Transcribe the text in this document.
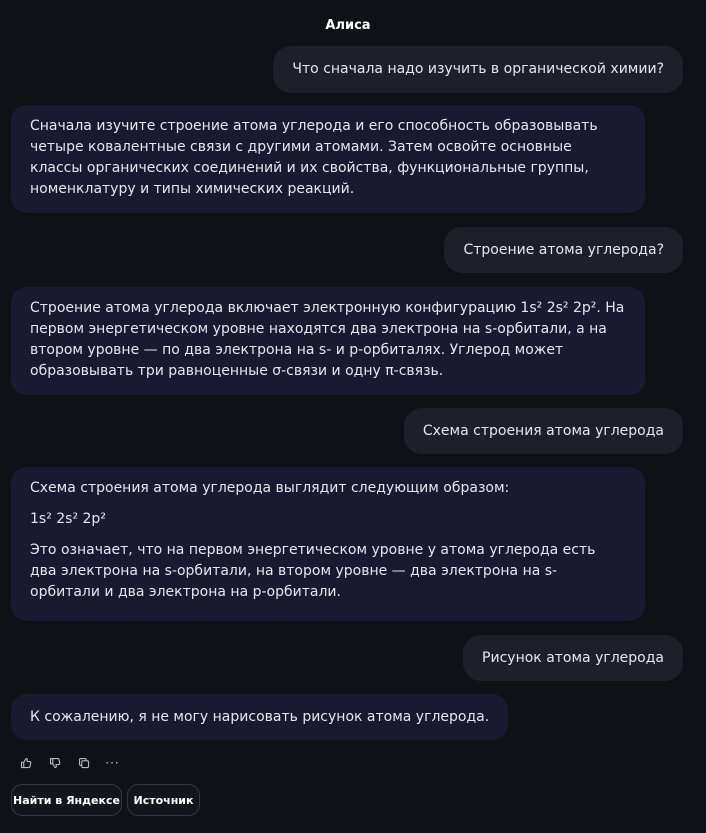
Алиса
Что сначала надо изучить в органической химии?

Сначала изучите строение атома углерода и его способность образовывать четыре ковалентные связи с другими атомами. Затем освойте основные классы органических соединений и их свойства, функциональные группы, номенклатуру и типы химических реакций.

Строение атома углерода?

Строение атома углерода включает электронную конфигурацию 1s² 2s² 2p². На первом энергетическом уровне находятся два электрона на s-орбитали, а на втором уровне — по два электрона на s- и p-орбиталях. Углерод может образовывать три равноценные σ-связи и одну π-связь.

Схема строения атома углерода

Схема строения атома углерода выглядит следующим образом:

1s² 2s² 2p²

Это означает, что на первом энергетическом уровне у атома углерода есть два электрона на s-орбитали, на втором уровне — два электрона на s-орбитали и два электрона на p-орбитали.

Рисунок атома углерода

К сожалению, я не могу нарисовать рисунок атома углерода.

···
Найти в Яндексе	Источник
